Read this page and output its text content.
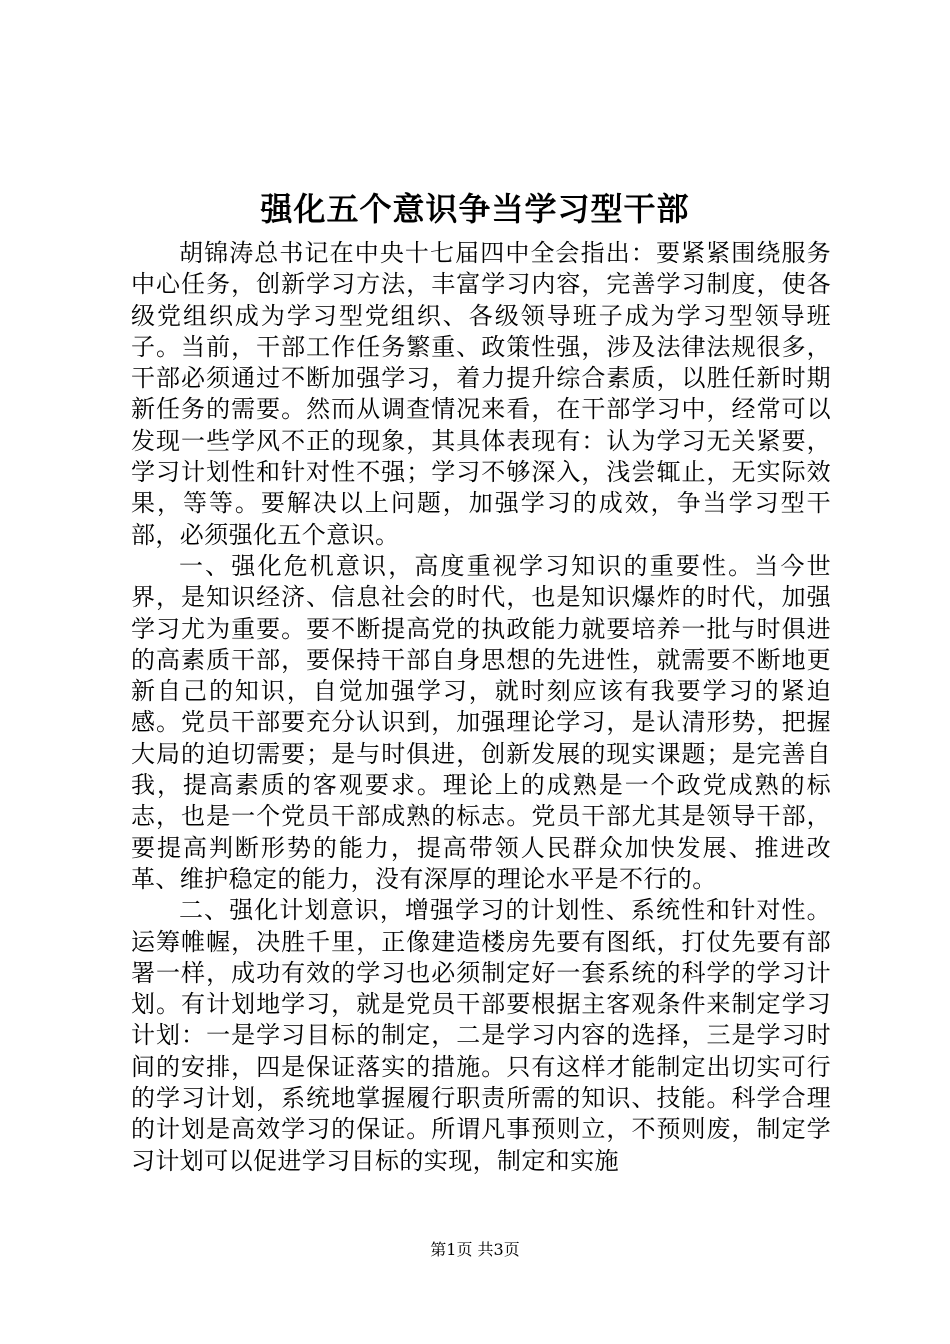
强化五个意识争当学习型干部

胡锦涛总书记在中央十七届四中全会指出：要紧紧围绕服务中心任务，创新学习方法，丰富学习内容，完善学习制度，使各级党组织成为学习型党组织、各级领导班子成为学习型领导班子。当前，干部工作任务繁重、政策性强，涉及法律法规很多，干部必须通过不断加强学习，着力提升综合素质，以胜任新时期新任务的需要。然而从调查情况来看，在干部学习中，经常可以发现一些学风不正的现象，其具体表现有：认为学习无关紧要，学习计划性和针对性不强；学习不够深入，浅尝辄止，无实际效果，等等。要解决以上问题，加强学习的成效，争当学习型干部，必须强化五个意识。

一、强化危机意识，高度重视学习知识的重要性。当今世界，是知识经济、信息社会的时代，也是知识爆炸的时代，加强学习尤为重要。要不断提高党的执政能力就要培养一批与时俱进的高素质干部，要保持干部自身思想的先进性，就需要不断地更新自己的知识，自觉加强学习，就时刻应该有我要学习的紧迫感。党员干部要充分认识到，加强理论学习，是认清形势，把握大局的迫切需要；是与时俱进，创新发展的现实课题；是完善自我，提高素质的客观要求。理论上的成熟是一个政党成熟的标志，也是一个党员干部成熟的标志。党员干部尤其是领导干部，要提高判断形势的能力，提高带领人民群众加快发展、推进改革、维护稳定的能力，没有深厚的理论水平是不行的。

二、强化计划意识，增强学习的计划性、系统性和针对性。运筹帷幄，决胜千里，正像建造楼房先要有图纸，打仗先要有部署一样，成功有效的学习也必须制定好一套系统的科学的学习计划。有计划地学习，就是党员干部要根据主客观条件来制定学习计划：一是学习目标的制定，二是学习内容的选择，三是学习时间的安排，四是保证落实的措施。只有这样才能制定出切实可行的学习计划，系统地掌握履行职责所需的知识、技能。科学合理的计划是高效学习的保证。所谓凡事预则立，不预则废，制定学习计划可以促进学习目标的实现，制定和实施

第1页 共3页
